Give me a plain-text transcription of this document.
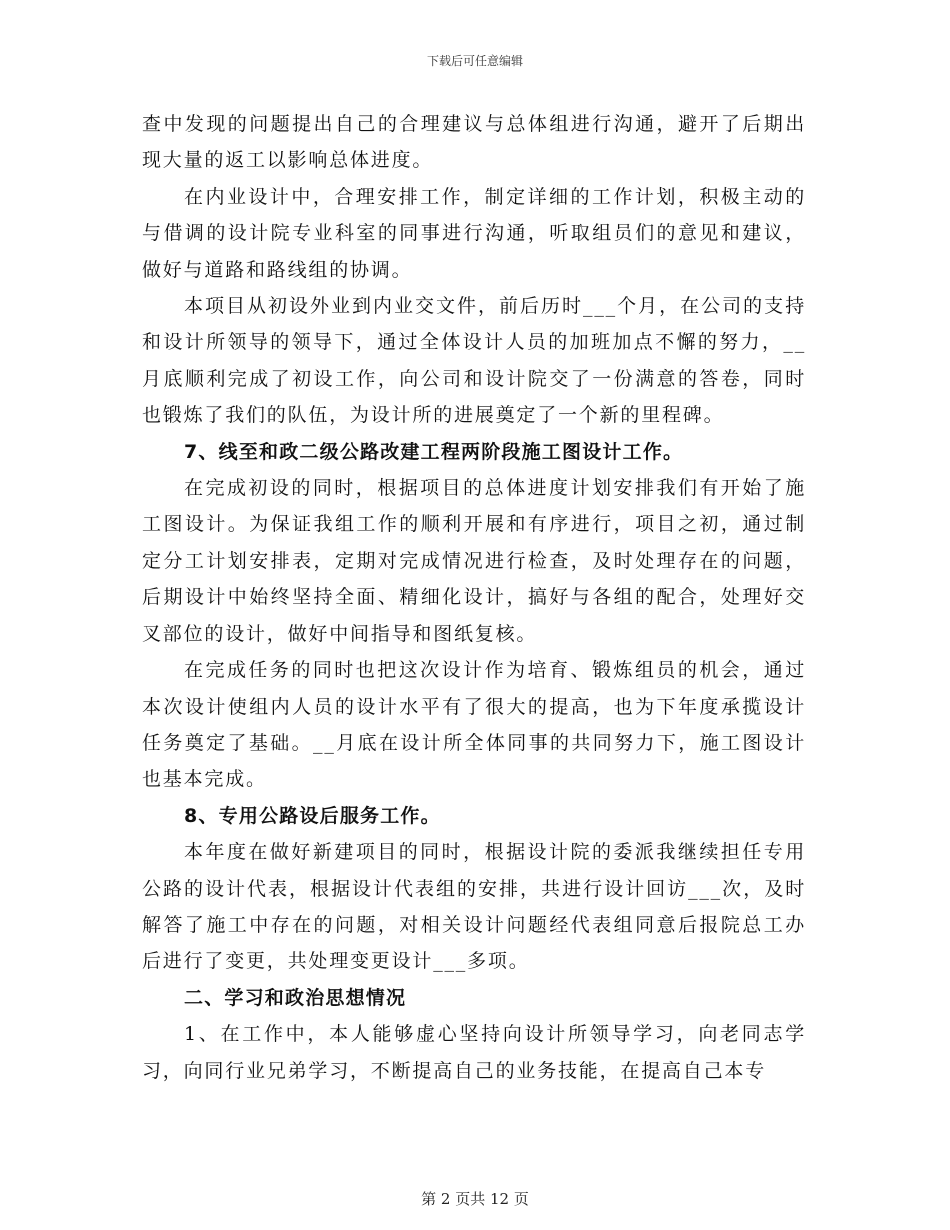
下载后可任意编辑

查中发现的问题提出自己的合理建议与总体组进行沟通，避开了后期出现大量的返工以影响总体进度。

在内业设计中，合理安排工作，制定详细的工作计划，积极主动的与借调的设计院专业科室的同事进行沟通，听取组员们的意见和建议，做好与道路和路线组的协调。

本项目从初设外业到内业交文件，前后历时___个月，在公司的支持和设计所领导的领导下，通过全体设计人员的加班加点不懈的努力，__月底顺利完成了初设工作，向公司和设计院交了一份满意的答卷，同时也锻炼了我们的队伍，为设计所的进展奠定了一个新的里程碑。

7、线至和政二级公路改建工程两阶段施工图设计工作。

在完成初设的同时，根据项目的总体进度计划安排我们有开始了施工图设计。为保证我组工作的顺利开展和有序进行，项目之初，通过制定分工计划安排表，定期对完成情况进行检查，及时处理存在的问题，后期设计中始终坚持全面、精细化设计，搞好与各组的配合，处理好交叉部位的设计，做好中间指导和图纸复核。

在完成任务的同时也把这次设计作为培育、锻炼组员的机会，通过本次设计使组内人员的设计水平有了很大的提高，也为下年度承揽设计任务奠定了基础。__月底在设计所全体同事的共同努力下，施工图设计也基本完成。

8、专用公路设后服务工作。

本年度在做好新建项目的同时，根据设计院的委派我继续担任专用公路的设计代表，根据设计代表组的安排，共进行设计回访___次，及时解答了施工中存在的问题，对相关设计问题经代表组同意后报院总工办后进行了变更，共处理变更设计___多项。

二、学习和政治思想情况

1、在工作中，本人能够虚心坚持向设计所领导学习，向老同志学习，向同行业兄弟学习，不断提高自己的业务技能，在提高自己本专

第 2 页共 12 页
